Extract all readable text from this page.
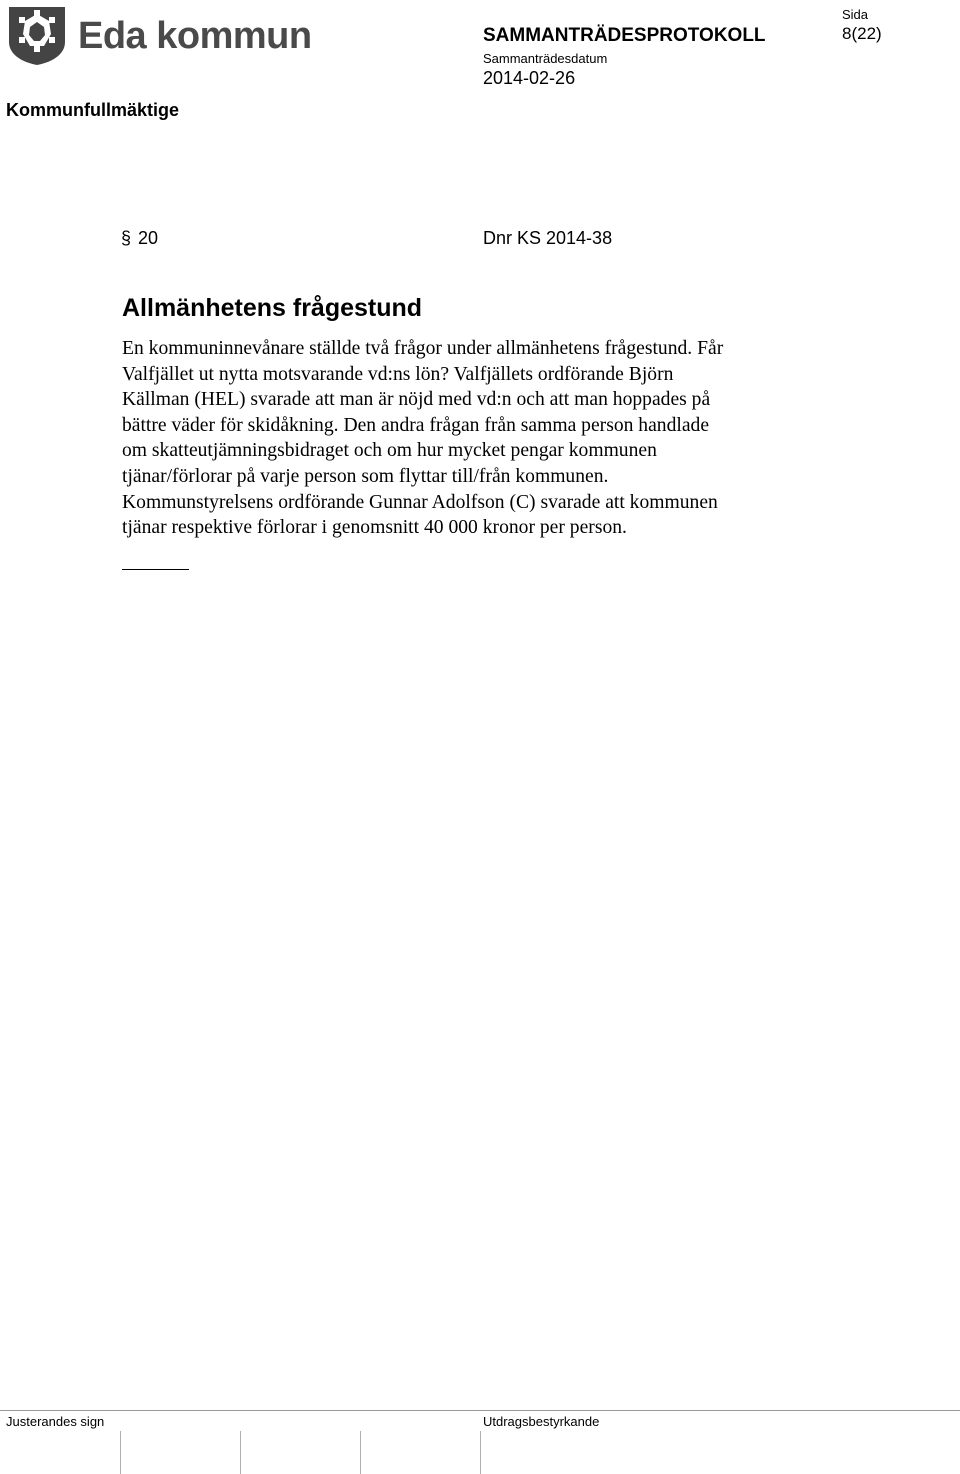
Eda kommun	SAMMANTRÄDESPROTOKOLL
Sammanträdesdatum
2014-02-26
Sida
8(22)
Kommunfullmäktige
§ 20	Dnr KS 2014-38
Allmänhetens frågestund

En kommuninnevånare ställde två frågor under allmänhetens frågestund. Får

Valfjället ut nytta motsvarande vd:ns lön? Valfjällets ordförande Björn

Källman (HEL) svarade att man är nöjd med vd:n och att man hoppades på

bättre väder för skidåkning. Den andra frågan från samma person handlade

om skatteutjämningsbidraget och om hur mycket pengar kommunen

tjänar/förlorar på varje person som flyttar till/från kommunen.

Kommunstyrelsens ordförande Gunnar Adolfson (C) svarade att kommunen

tjänar respektive förlorar i genomsnitt 40 000 kronor per person.

Justerandes sign	Utdragsbestyrkande
